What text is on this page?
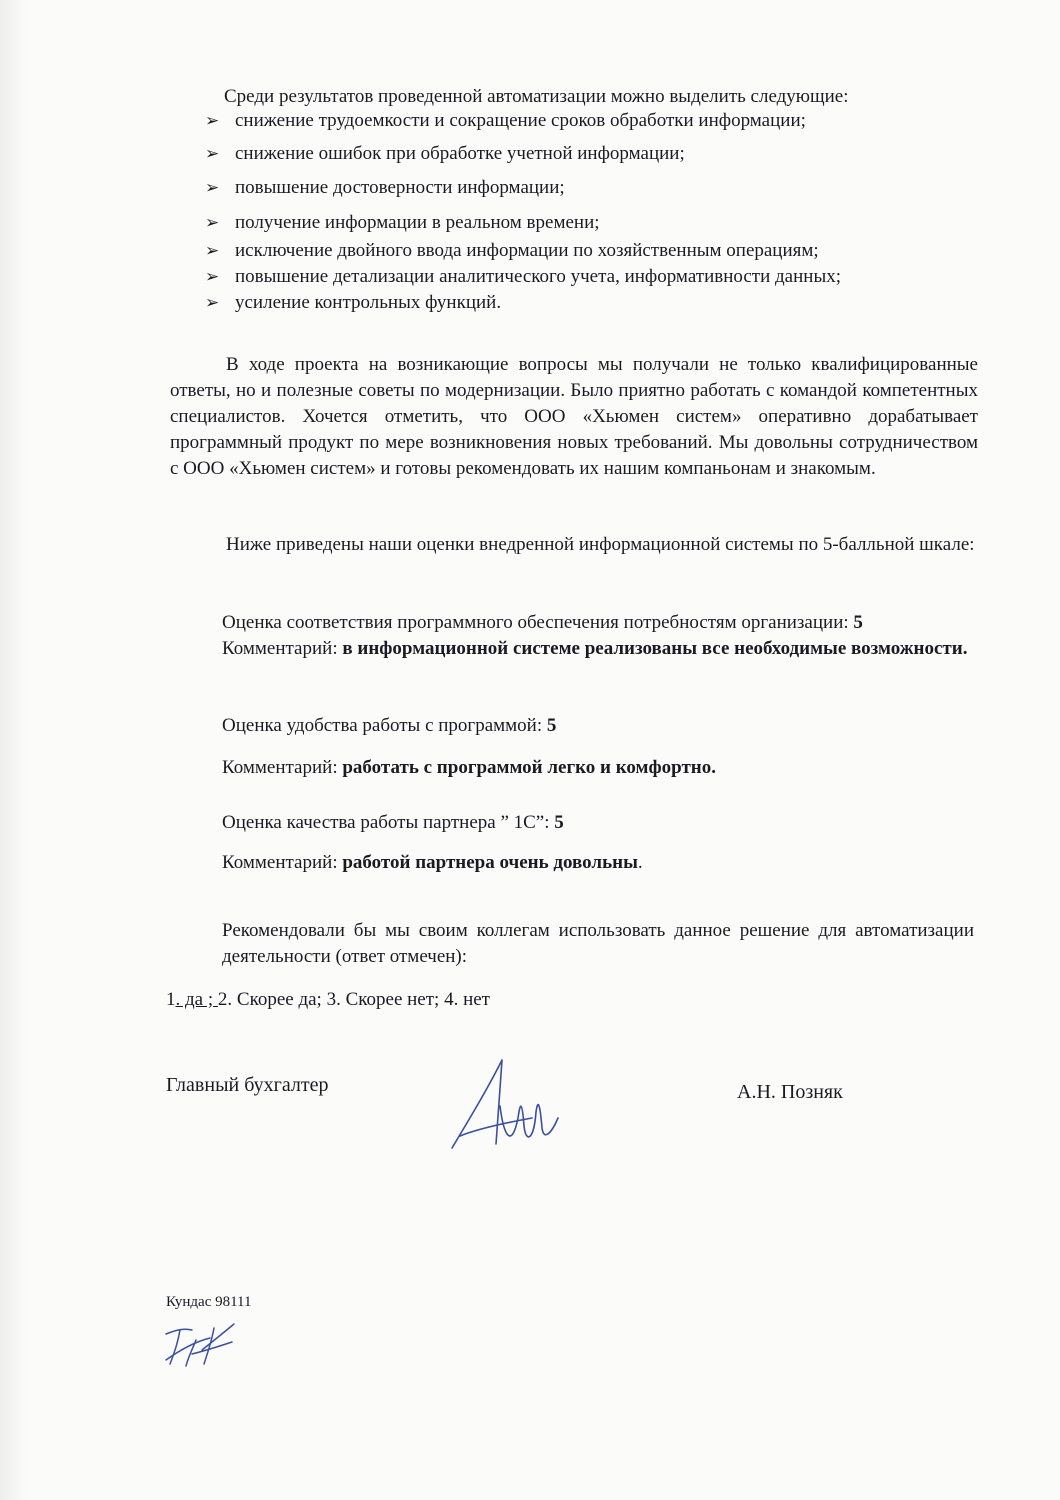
Среди результатов проведенной автоматизации можно выделить следующие:
➢ снижение трудоемкости и сокращение сроков обработки информации;
➢ снижение ошибок при обработке учетной информации;
➢ повышение достоверности информации;
➢ получение информации в реальном времени;
➢ исключение двойного ввода информации по хозяйственным операциям;
➢ повышение детализации аналитического учета, информативности данных;
➢ усиление контрольных функций.
В ходе проекта на возникающие вопросы мы получали не только квалифицированные ответы, но и полезные советы по модернизации. Было приятно работать с командой компетентных специалистов. Хочется отметить, что ООО «Хьюмен систем» оперативно дорабатывает программный продукт по мере возникновения новых требований. Мы довольны сотрудничеством с ООО «Хьюмен систем» и готовы рекомендовать их нашим компаньонам и знакомым.
Ниже приведены наши оценки внедренной информационной системы по 5-балльной шкале:
Оценка соответствия программного обеспечения потребностям организации: 5
Комментарий: в информационной системе реализованы все необходимые возможности.
Оценка удобства работы с программой: 5
Комментарий: работать с программой легко и комфортно.
Оценка качества работы партнера ” 1С”: 5
Комментарий: работой партнера очень довольны.
Рекомендовали бы мы своим коллегам использовать данное решение для автоматизации деятельности (ответ отмечен):
1. да ; 2. Скорее да; 3. Скорее нет; 4. нет
Главный бухгалтер	А.Н. Позняк
Кундас 98111
